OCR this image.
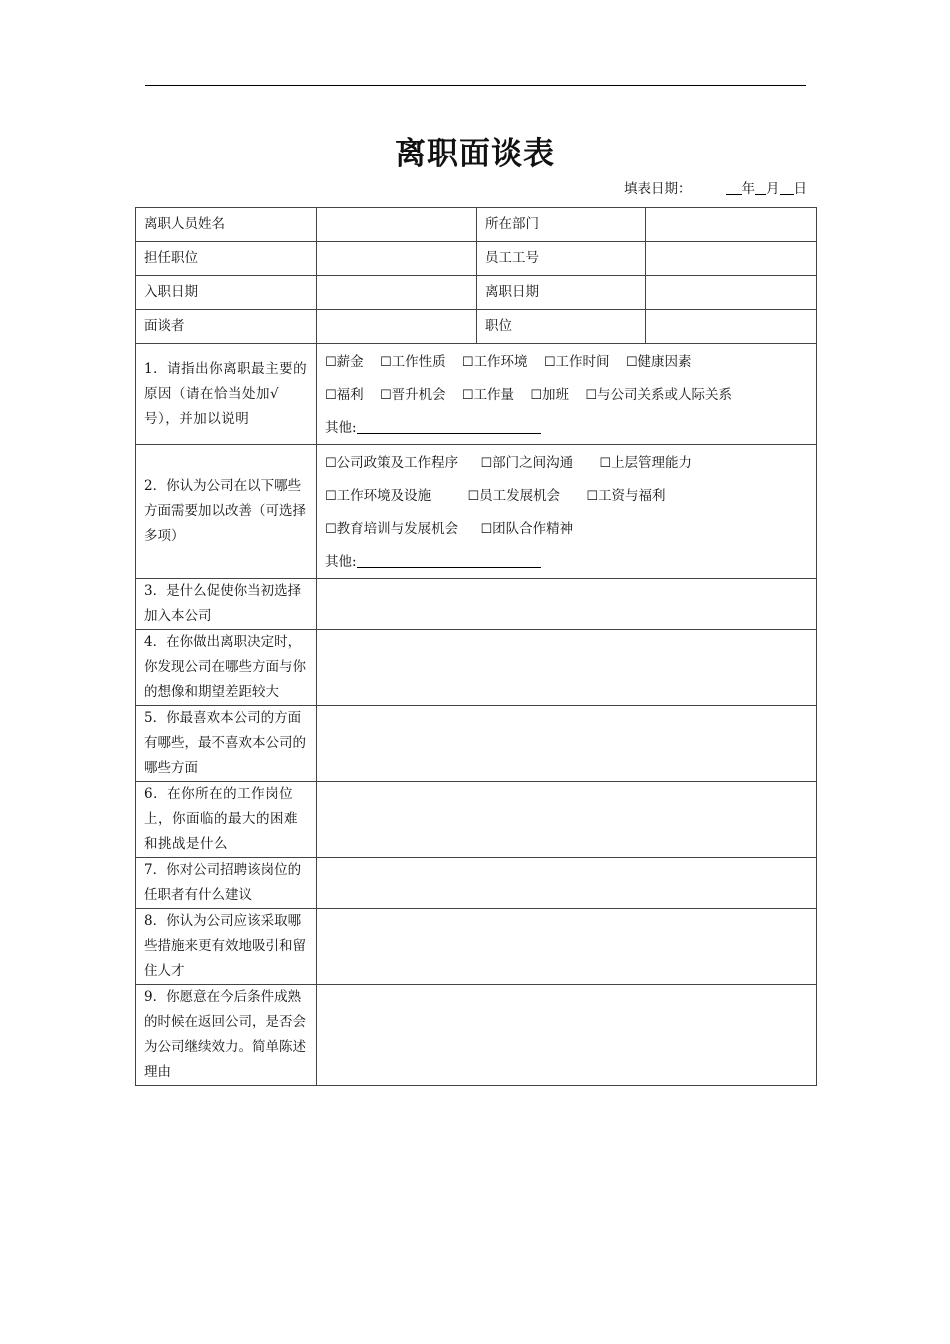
离职面谈表
填表日期：	年 月 日
离职人员姓名		所在部门	
担任职位		员工工号	
入职日期		离职日期	
面谈者		职位	
1．请指出你离职最主要的原因（请在恰当处加√号），并加以说明	☐薪金 ☐工作性质 ☐工作环境 ☐工作时间 ☐健康因素
☐福利 ☐晋升机会 ☐工作量 ☐加班 ☐与公司关系或人际关系
其他:		

2．你认为公司在以下哪些方面需要加以改善（可选择多项）	☐公司政策及工作程序 ☐部门之间沟通 ☐上层管理能力
☐工作环境及设施 ☐员工发展机会 ☐工资与福利
☐教育培训与发展机会 ☐团队合作精神
其他:		

3．是什么促使你当初选择加入本公司			
4．在你做出离职决定时，你发现公司在哪些方面与你的想像和期望差距较大			
5．你最喜欢本公司的方面有哪些，最不喜欢本公司的哪些方面			
6．在你所在的工作岗位上，你面临的最大的困难和挑战是什么			
7．你对公司招聘该岗位的任职者有什么建议			
8．你认为公司应该采取哪些措施来更有效地吸引和留住人才			
9．你愿意在今后条件成熟的时候在返回公司，是否会为公司继续效力。简单陈述理由			
